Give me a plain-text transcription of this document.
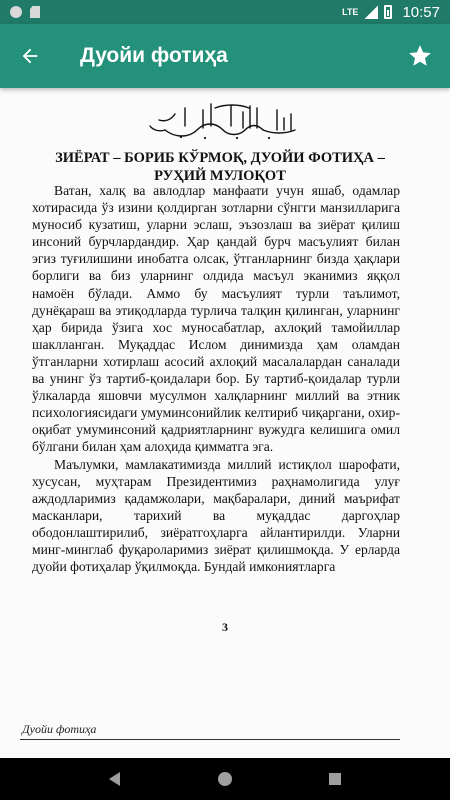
LTE	10:57
Дуойи фотиҳа
ЗИЁРАТ – БОРИБ КЎРМОҚ, ДУОЙИ ФОТИҲА –
РУҲИЙ МУЛОҚОТ

Ватан, халқ ва авлодлар манфаати учун яшаб, одамлар хотирасида ўз изини қолдирган зотларни сўнгги манзилларига муносиб кузатиш, уларни эслаш, эъзозлаш ва зиёрат қилиш инсоний бурчлардандир. Ҳар қандай бурч масъулият билан эгиз туғилишини инобатга олсак, ўтганларнинг бизда ҳақлари борлиги ва биз уларнинг олдида масъул эканимиз яққол намоён бўлади. Аммо бу масъулият турли таълимот, дунёқараш ва этиқодларда турлича талқин қилинган, уларнинг ҳар бирида ўзига хос муносабатлар, ахлоқий тамойиллар шаклланган. Муқаддас Ислом динимизда ҳам оламдан ўтганларни хотирлаш асосий ахлоқий масалалардан саналади ва унинг ўз тартиб-қоидалари бор. Бу тартиб-қоидалар турли ўлкаларда яшовчи мусулмон халқларнинг миллий ва этник психологиясидаги умуминсонийлик келтириб чиқаргани, охир-оқибат умуминсоний қадриятларнинг вужудга келишига омил бўлгани билан ҳам алоҳида қимматга эга.

Маълумки, мамлакатимизда миллий истиқлол шарофати, хусусан, муҳтарам Президентимиз раҳнамолигида улуғ аждодларимиз қадамжолари, мақбаралари, диний маърифат масканлари, тарихий ва муқаддас даргоҳлар ободонлаштирилиб, зиёратгоҳларга айлантирилди. Уларни минг-минглаб фуқароларимиз зиёрат қилишмоқда. У ерларда дуойи фотиҳалар ўқилмоқда. Бундай имкониятларга

3
Дуойи фотиҳа
